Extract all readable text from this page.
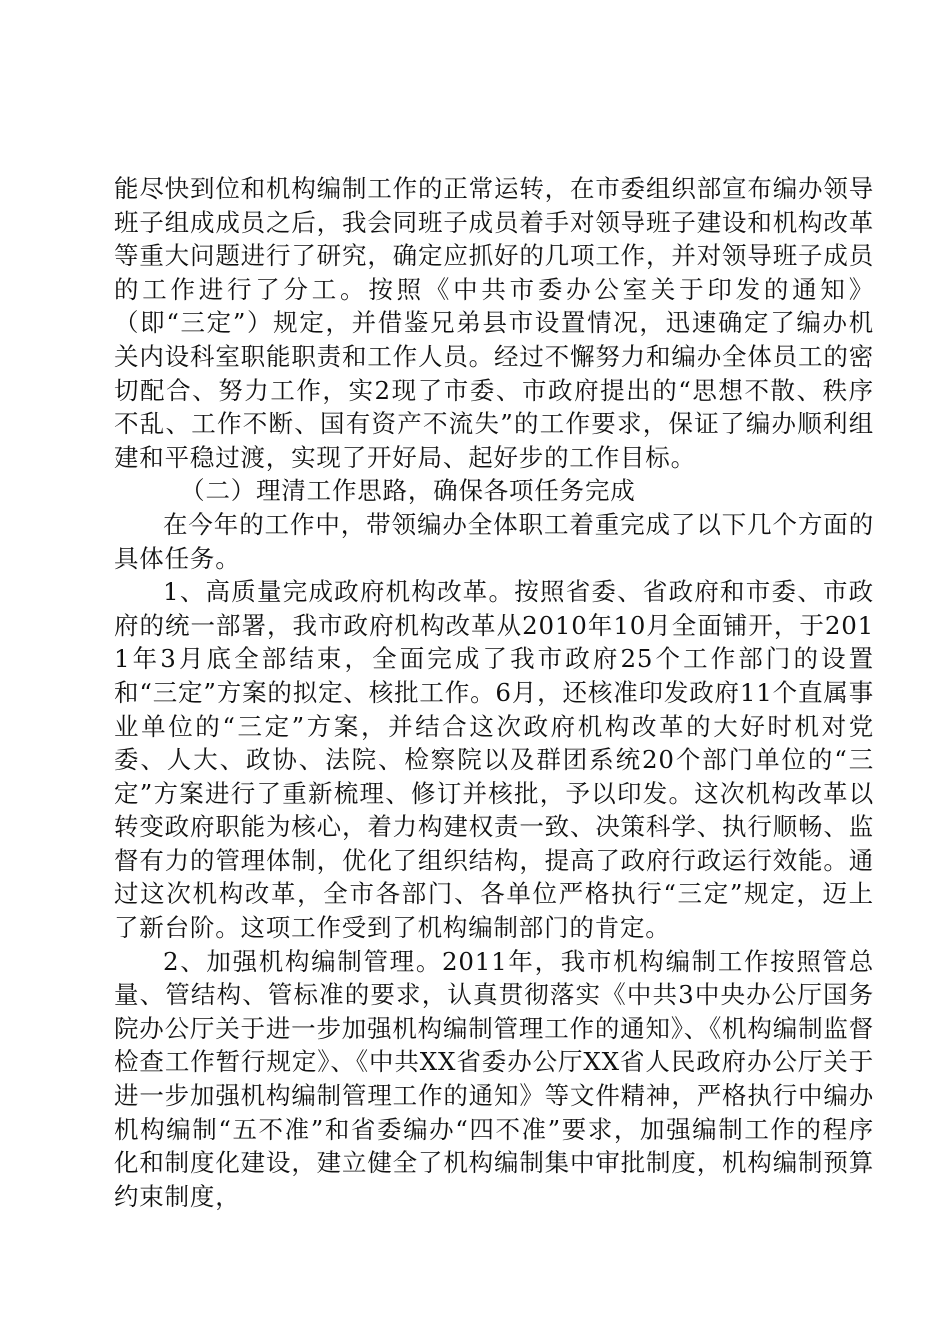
能尽快到位和机构编制工作的正常运转，在市委组织部宣布编办领导班子组成成员之后，我会同班子成员着手对领导班子建设和机构改革等重大问题进行了研究，确定应抓好的几项工作，并对领导班子成员的工作进行了分工。按照《中共市委办公室关于印发的通知》（即“三定”）规定，并借鉴兄弟县市设置情况，迅速确定了编办机关内设科室职能职责和工作人员。经过不懈努力和编办全体员工的密切配合、努力工作，实2现了市委、市政府提出的“思想不散、秩序不乱、工作不断、国有资产不流失”的工作要求，保证了编办顺利组建和平稳过渡，实现了开好局、起好步的工作目标。

（二）理清工作思路，确保各项任务完成

在今年的工作中，带领编办全体职工着重完成了以下几个方面的具体任务。

1、高质量完成政府机构改革。按照省委、省政府和市委、市政府的统一部署，我市政府机构改革从2010年10月全面铺开，于2011年3月底全部结束，全面完成了我市政府25个工作部门的设置和“三定”方案的拟定、核批工作。6月，还核准印发政府11个直属事业单位的“三定”方案，并结合这次政府机构改革的大好时机对党委、人大、政协、法院、检察院以及群团系统20个部门单位的“三定”方案进行了重新梳理、修订并核批，予以印发。这次机构改革以转变政府职能为核心，着力构建权责一致、决策科学、执行顺畅、监督有力的管理体制，优化了组织结构，提高了政府行政运行效能。通过这次机构改革，全市各部门、各单位严格执行“三定”规定，迈上了新台阶。这项工作受到了机构编制部门的肯定。

2、加强机构编制管理。2011年，我市机构编制工作按照管总量、管结构、管标准的要求，认真贯彻落实《中共3中央办公厅国务院办公厅关于进一步加强机构编制管理工作的通知》、《机构编制监督检查工作暂行规定》、《中共XX省委办公厅XX省人民政府办公厅关于进一步加强机构编制管理工作的通知》等文件精神，严格执行中编办机构编制“五不准”和省委编办“四不准”要求，加强编制工作的程序化和制度化建设，建立健全了机构编制集中审批制度，机构编制预算约束制度，
